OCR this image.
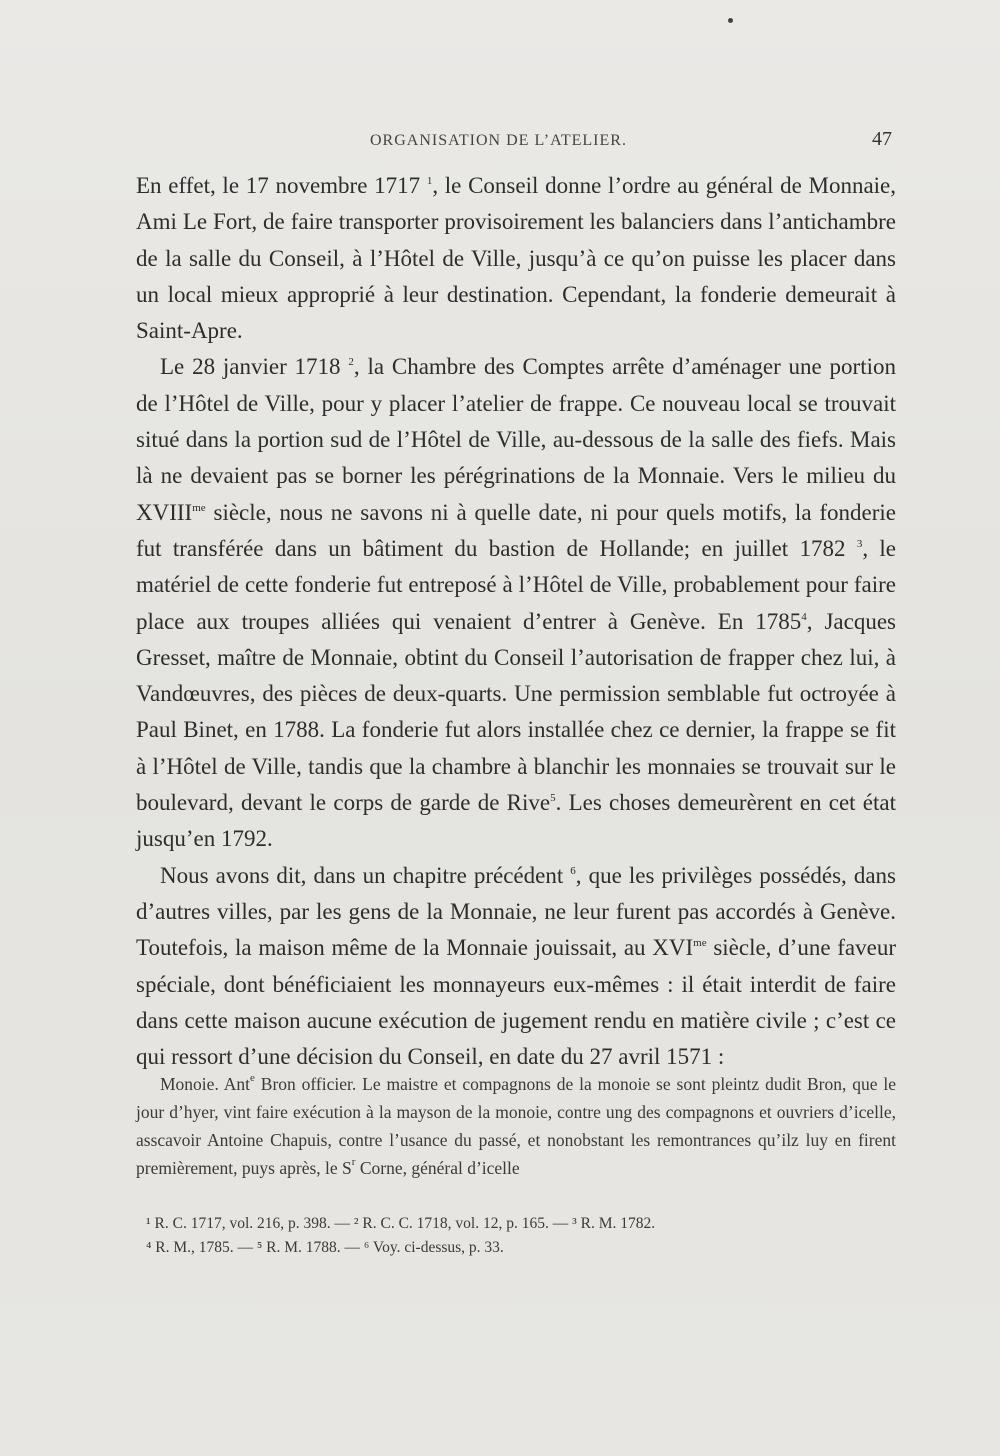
ORGANISATION DE L’ATELIER.	47

En effet, le 17 novembre 1717 $^1$, le Conseil donne l’ordre au général de Monnaie, Ami Le Fort, de faire transporter provisoirement les balanciers dans l’antichambre de la salle du Conseil, à l’Hôtel de Ville, jusqu’à ce qu’on puisse les placer dans un local mieux approprié à leur destination. Cependant, la fonderie demeurait à Saint-Apre.

Le 28 janvier 1718 $^2$, la Chambre des Comptes arrête d’aménager une portion de l’Hôtel de Ville, pour y placer l’atelier de frappe. Ce nouveau local se trouvait situé dans la portion sud de l’Hôtel de Ville, au-dessous de la salle des fiefs. Mais là ne devaient pas se borner les pérégrinations de la Monnaie. Vers le milieu du $XVIII^{me}$ siècle, nous ne savons ni à quelle date, ni pour quels motifs, la fonderie fut transférée dans un bâtiment du bastion de Hollande; en juillet 1782 $^3$, le matériel de cette fonderie fut entreposé à l’Hôtel de Ville, probablement pour faire place aux troupes alliées qui venaient d’entrer à Genève. En 1785$^4$, Jacques Gresset, maître de Monnaie, obtint du Conseil l’autorisation de frapper chez lui, à Vandœuvres, des pièces de deux-quarts. Une permission semblable fut octroyée à Paul Binet, en 1788. La fonderie fut alors installée chez ce dernier, la frappe se fit à l’Hôtel de Ville, tandis que la chambre à blanchir les monnaies se trouvait sur le boulevard, devant le corps de garde de Rive$^5$. Les choses demeurèrent en cet état jusqu’en 1792.

Nous avons dit, dans un chapitre précédent $^6$, que les privilèges possédés, dans d’autres villes, par les gens de la Monnaie, ne leur furent pas accordés à Genève. Toutefois, la maison même de la Monnaie jouissait, au $XVI^{me}$ siècle, d’une faveur spéciale, dont bénéficiaient les monnayeurs eux-mêmes : il était interdit de faire dans cette maison aucune exécution de jugement rendu en matière civile ; c’est ce qui ressort d’une décision du Conseil, en date du 27 avril 1571 :

Monoie. Ant$^e$ Bron officier. Le maistre et compagnons de la monoie se sont pleintz dudit Bron, que le jour d’hyer, vint faire exécution à la mayson de la monoie, contre ung des compagnons et ouvriers d’icelle, asscavoir Antoine Chapuis, contre l’usance du passé, et nonobstant les remontrances qu’ilz luy en firent premièrement, puys après, le $S^r$ Corne, général d’icelle
¹ R. C. 1717, vol. 216, p. 398. — ² R. C. C. 1718, vol. 12, p. 165. — ³ R. M. 1782.
⁴ R. M., 1785. — ⁵ R. M. 1788. — ⁶ Voy. ci-dessus, p. 33.
